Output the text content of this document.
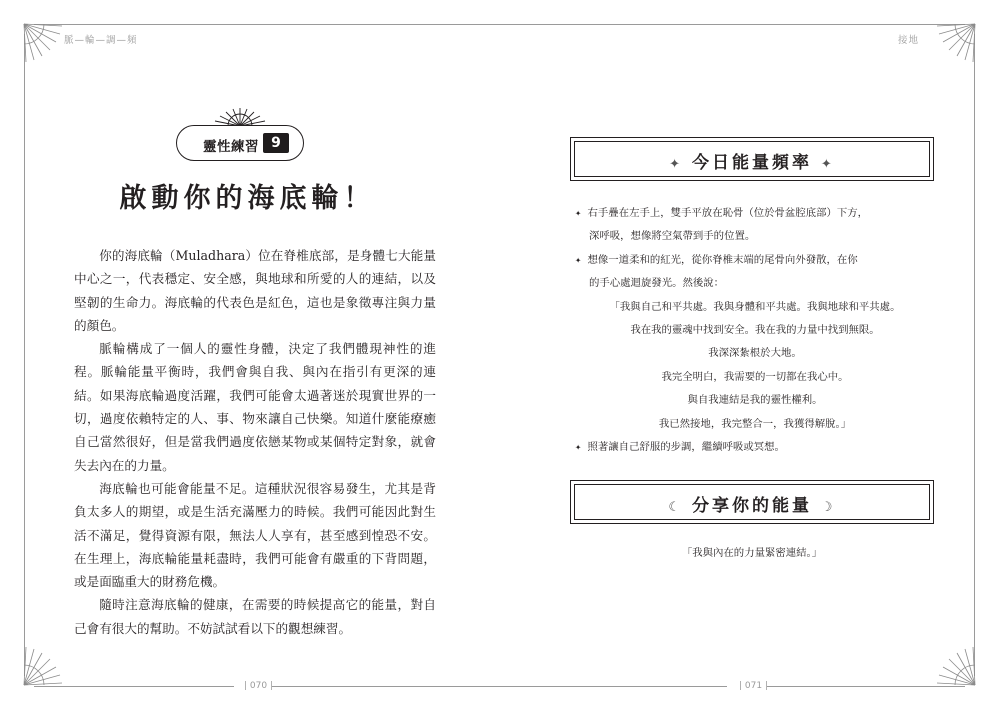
脈—輪—調—頻	接地
靈性練習 9
啟動你的海底輪！

你的海底輪（Muladhara）位在脊椎底部，是身體七大能量中心之一，代表穩定、安全感，與地球和所愛的人的連結，以及堅韌的生命力。海底輪的代表色是紅色，這也是象徵專注與力量的顏色。

脈輪構成了一個人的靈性身體，決定了我們體現神性的進程。脈輪能量平衡時，我們會與自我、與內在指引有更深的連結。如果海底輪過度活躍，我們可能會太過著迷於現實世界的一切，過度依賴特定的人、事、物來讓自己快樂。知道什麼能療癒自己當然很好，但是當我們過度依戀某物或某個特定對象，就會失去內在的力量。

海底輪也可能會能量不足。這種狀況很容易發生，尤其是背負太多人的期望，或是生活充滿壓力的時候。我們可能因此對生活不滿足，覺得資源有限，無法人人享有，甚至感到惶恐不安。在生理上，海底輪能量耗盡時，我們可能會有嚴重的下背問題，或是面臨重大的財務危機。

隨時注意海底輪的健康，在需要的時候提高它的能量，對自己會有很大的幫助。不妨試試看以下的觀想練習。

✦ 今日能量頻率 ✦
✦ 右手疊在左手上，雙手平放在恥骨（位於骨盆腔底部）下方，
深呼吸，想像將空氣帶到手的位置。
✦ 想像一道柔和的紅光，從你脊椎末端的尾骨向外發散，在你
的手心處迴旋發光。然後說：
「我與自己和平共處。我與身體和平共處。我與地球和平共處。
我在我的靈魂中找到安全。我在我的力量中找到無限。
我深深紮根於大地。
我完全明白，我需要的一切都在我心中。
與自我連結是我的靈性權利。
我已然接地，我完整合一，我獲得解脫。」
✦ 照著讓自己舒服的步調，繼續呼吸或冥想。
☾ 分享你的能量 ☽
「我與內在的力量緊密連結。」
| 070 |	| 071 |
